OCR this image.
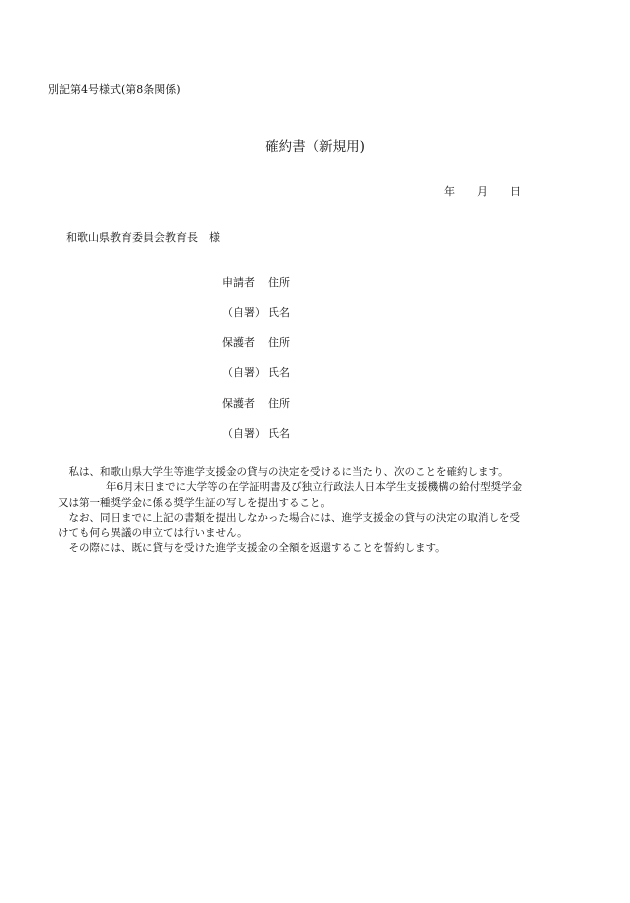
別記第4号様式(第8条関係)
確約書（新規用)
年 月 日
和歌山県教育委員会教育長 様
申請者 住所
（自署） 氏名
保護者 住所
（自署） 氏名
保護者 住所
（自署） 氏名

私は、和歌山県大学生等進学支援金の貸与の決定を受けるに当たり、次のことを確約します。

年6月末日までに大学等の在学証明書及び独立行政法人日本学生支援機構の給付型奨学金

又は第一種奨学金に係る奨学生証の写しを提出すること。

なお、同日までに上記の書類を提出しなかった場合には、進学支援金の貸与の決定の取消しを受

けても何ら異議の申立ては行いません。

その際には、既に貸与を受けた進学支援金の全額を返還することを誓約します。
